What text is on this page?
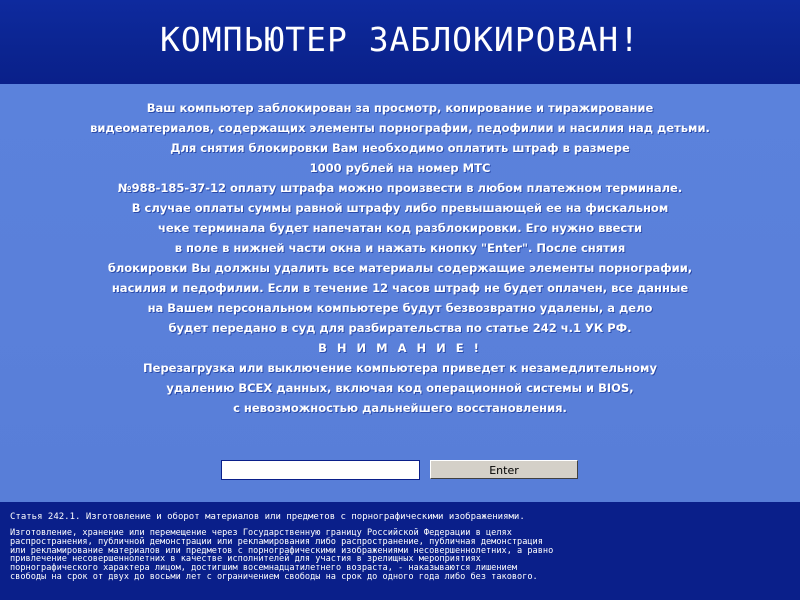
КОМПЬЮТЕР ЗАБЛОКИРОВАН!
Ваш компьютер заблокирован за просмотр, копирование и тиражирование
видеоматериалов, содержащих элементы порнографии, педофилии и насилия над детьми.
Для снятия блокировки Вам необходимо оплатить штраф в размере
1000 рублей на номер МТС
№988-185-37-12 оплату штрафа можно произвести в любом платежном терминале.
В случае оплаты суммы равной штрафу либо превышающей ее на фискальном
чеке терминала будет напечатан код разблокировки. Его нужно ввести
в поле в нижней части окна и нажать кнопку "Enter". После снятия
блокировки Вы должны удалить все материалы содержащие элементы порнографии,
насилия и педофилии. Если в течение 12 часов штраф не будет оплачен, все данные
на Вашем персональном компьютере будут безвозвратно удалены, а дело
будет передано в суд для разбирательства по статье 242 ч.1 УК РФ.
В Н И М А Н И Е !
Перезагрузка или выключение компьютера приведет к незамедлительному
удалению ВСЕХ данных, включая код операционной системы и BIOS,
с невозможностью дальнейшего восстановления.
Enter
Статья 242.1. Изготовление и оборот материалов или предметов с порнографическими изображениями.
Изготовление, хранение или перемещение через Государственную границу Российской Федерации в целях
распространения, публичной демонстрации или рекламирования либо распространение, публичная демонстрация
или рекламирование материалов или предметов с порнографическими изображениями несовершеннолетних, а равно
привлечение несовершеннолетних в качестве исполнителей для участия в зрелищных мероприятиях
порнографического характера лицом, достигшим восемнадцатилетнего возраста, - наказываются лишением
свободы на срок от двух до восьми лет с ограничением свободы на срок до одного года либо без такового.
